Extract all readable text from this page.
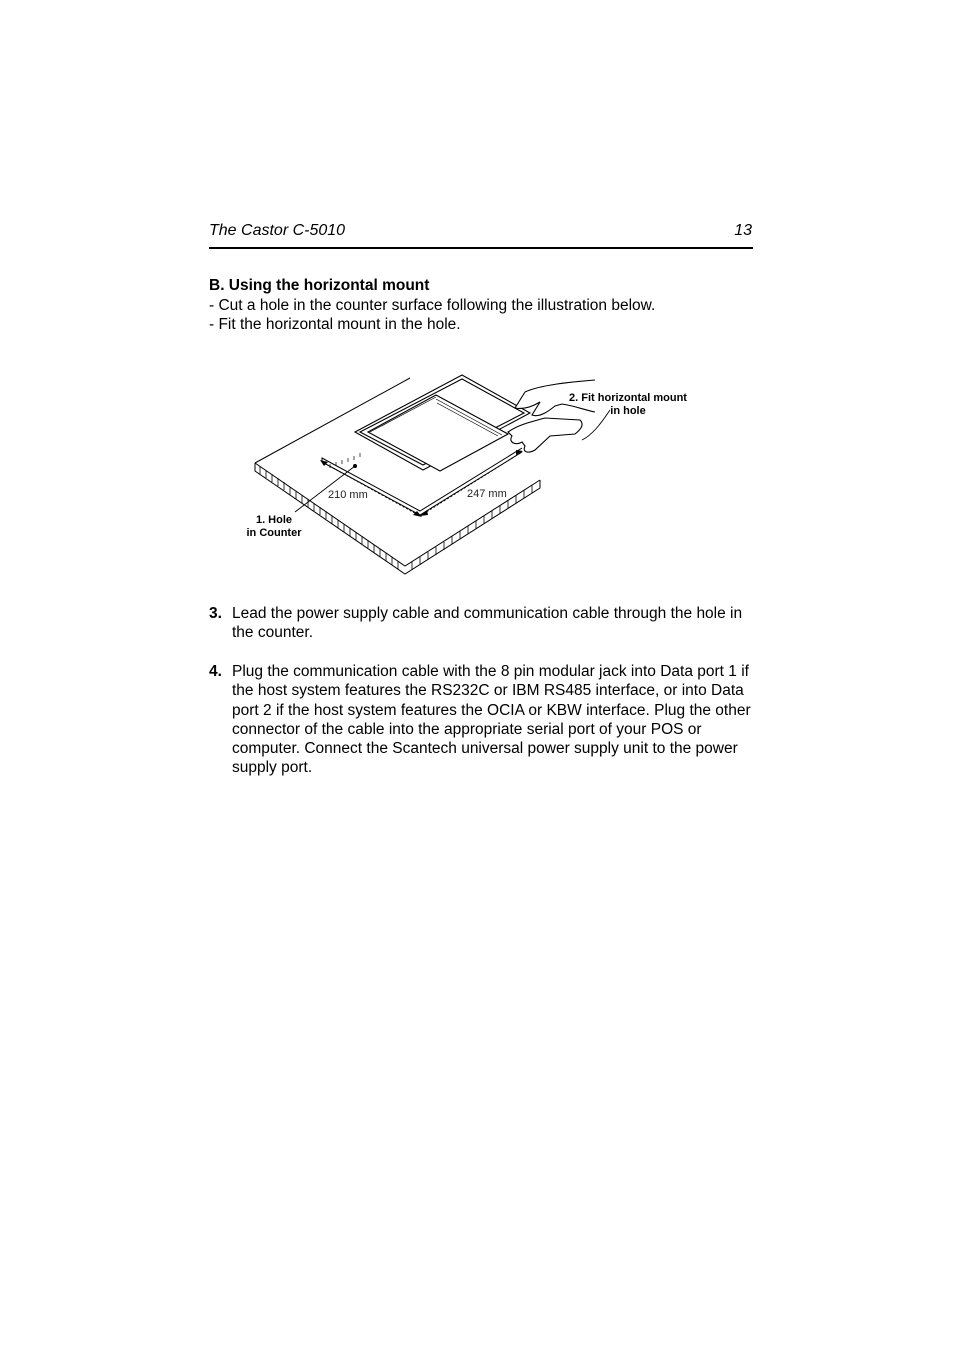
The Castor C-5010	13
B. Using the horizontal mount
- Cut a hole in the counter surface following the illustration below.
- Fit the horizontal mount in the hole.
2. Fit horizontal mount
in hole
1. Hole
in Counter
210 mm	247 mm
3. Lead the power supply cable and communication cable through the hole in the counter.
4. Plug the communication cable with the 8 pin modular jack into Data port 1 if the host system features the RS232C or IBM RS485 interface, or into Data port 2 if the host system features the OCIA or KBW interface. Plug the other connector of the cable into the appropriate serial port of your POS or computer. Connect the Scantech universal power supply unit to the power supply port.
